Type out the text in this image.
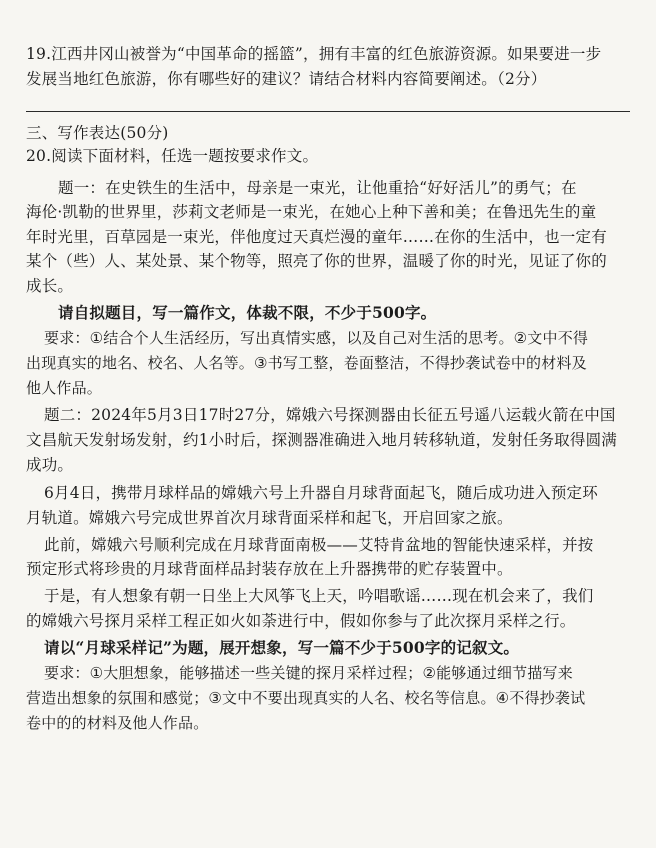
19.江西井冈山被誉为“中国革命的摇篮”，拥有丰富的红色旅游资源。如果要进一步
发展当地红色旅游，你有哪些好的建议？请结合材料内容简要阐述。（2分）
三、写作表达(50分)
20.阅读下面材料，任选一题按要求作文。
题一：在史铁生的生活中，母亲是一束光，让他重拾“好好活儿”的勇气；在
海伦·凯勒的世界里，莎莉文老师是一束光，在她心上种下善和美；在鲁迅先生的童
年时光里，百草园是一束光，伴他度过天真烂漫的童年……在你的生活中，也一定有
某个（些）人、某处景、某个物等，照亮了你的世界，温暖了你的时光，见证了你的
成长。
请自拟题目，写一篇作文，体裁不限，不少于500字。
要求：①结合个人生活经历，写出真情实感，以及自己对生活的思考。②文中不得
出现真实的地名、校名、人名等。③书写工整，卷面整洁，不得抄袭试卷中的材料及
他人作品。
题二：2024年5月3日17时27分，嫦娥六号探测器由长征五号遥八运载火箭在中国
文昌航天发射场发射，约1小时后，探测器准确进入地月转移轨道，发射任务取得圆满
成功。
6月4日，携带月球样品的嫦娥六号上升器自月球背面起飞，随后成功进入预定环
月轨道。嫦娥六号完成世界首次月球背面采样和起飞，开启回家之旅。
此前，嫦娥六号顺利完成在月球背面南极——艾特肯盆地的智能快速采样，并按
预定形式将珍贵的月球背面样品封装存放在上升器携带的贮存装置中。
于是，有人想象有朝一日坐上大风筝飞上天，吟唱歌谣……现在机会来了，我们
的嫦娥六号探月采样工程正如火如荼进行中，假如你参与了此次探月采样之行。
请以“月球采样记”为题，展开想象，写一篇不少于500字的记叙文。
要求：①大胆想象，能够描述一些关键的探月采样过程；②能够通过细节描写来
营造出想象的氛围和感觉；③文中不要出现真实的人名、校名等信息。④不得抄袭试
卷中的的材料及他人作品。
